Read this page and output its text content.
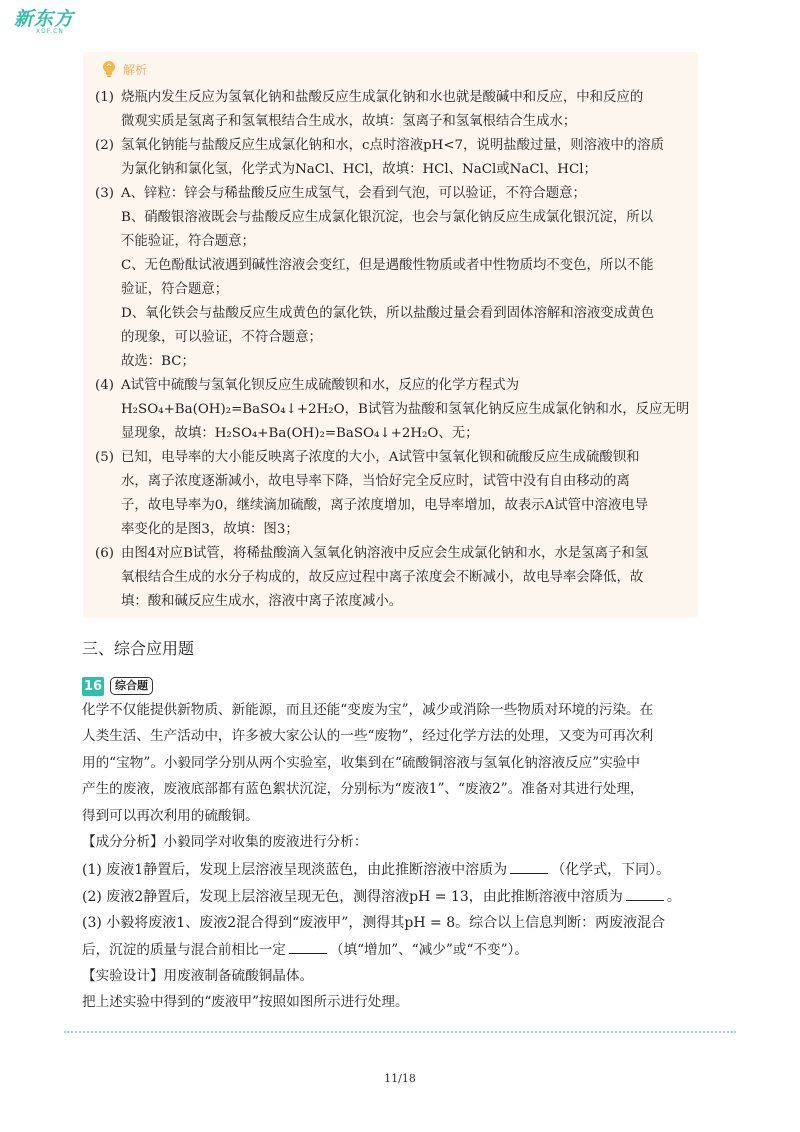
新东方
XDF.CN
解析
(1) 烧瓶内发生反应为氢氧化钠和盐酸反应生成氯化钠和水也就是酸碱中和反应，中和反应的
微观实质是氢离子和氢氧根结合生成水，故填：氢离子和氢氧根结合生成水；
(2) 氢氧化钠能与盐酸反应生成氯化钠和水，c点时溶液pH<7，说明盐酸过量，则溶液中的溶质
为氯化钠和氯化氢，化学式为NaCl、HCl，故填：HCl、NaCl或NaCl、HCl；
(3) A、锌粒：锌会与稀盐酸反应生成氢气，会看到气泡，可以验证，不符合题意；
B、硝酸银溶液既会与盐酸反应生成氯化银沉淀，也会与氯化钠反应生成氯化银沉淀，所以
不能验证，符合题意；
C、无色酚酞试液遇到碱性溶液会变红，但是遇酸性物质或者中性物质均不变色，所以不能
验证，符合题意；
D、氧化铁会与盐酸反应生成黄色的氯化铁，所以盐酸过量会看到固体溶解和溶液变成黄色
的现象，可以验证，不符合题意；
故选：BC；
(4) A试管中硫酸与氢氧化钡反应生成硫酸钡和水，反应的化学方程式为
H₂SO₄+Ba(OH)₂=BaSO₄↓+2H₂O，B试管为盐酸和氢氧化钠反应生成氯化钠和水，反应无明
显现象，故填：H₂SO₄+Ba(OH)₂=BaSO₄↓+2H₂O、无；
(5) 已知，电导率的大小能反映离子浓度的大小，A试管中氢氧化钡和硫酸反应生成硫酸钡和
水，离子浓度逐渐减小，故电导率下降，当恰好完全反应时，试管中没有自由移动的离
子，故电导率为0，继续滴加硫酸，离子浓度增加，电导率增加，故表示A试管中溶液电导
率变化的是图3，故填：图3；
(6) 由图4对应B试管，将稀盐酸滴入氢氧化钠溶液中反应会生成氯化钠和水，水是氢离子和氢
氧根结合生成的水分子构成的，故反应过程中离子浓度会不断减小，故电导率会降低，故
填：酸和碱反应生成水，溶液中离子浓度减小。
三、综合应用题
16	综合题
化学不仅能提供新物质、新能源，而且还能“变废为宝”，减少或消除一些物质对环境的污染。在
人类生活、生产活动中，许多被大家公认的一些“废物”，经过化学方法的处理，又变为可再次利
用的“宝物”。小毅同学分别从两个实验室，收集到在“硫酸铜溶液与氢氧化钠溶液反应”实验中
产生的废液，废液底部都有蓝色絮状沉淀，分别标为“废液1”、“废液2”。准备对其进行处理，
得到可以再次利用的硫酸铜。
【成分分析】小毅同学对收集的废液进行分析：
(1) 废液1静置后，发现上层溶液呈现淡蓝色，由此推断溶液中溶质为	（化学式，下同）。
(2) 废液2静置后，发现上层溶液呈现无色，测得溶液pH = 13，由此推断溶液中溶质为	。
(3) 小毅将废液1、废液2混合得到“废液甲”，测得其pH = 8。综合以上信息判断：两废液混合
后，沉淀的质量与混合前相比一定	（填“增加”、“减少”或“不变”）。
【实验设计】用废液制备硫酸铜晶体。
把上述实验中得到的“废液甲”按照如图所示进行处理。
11/18
